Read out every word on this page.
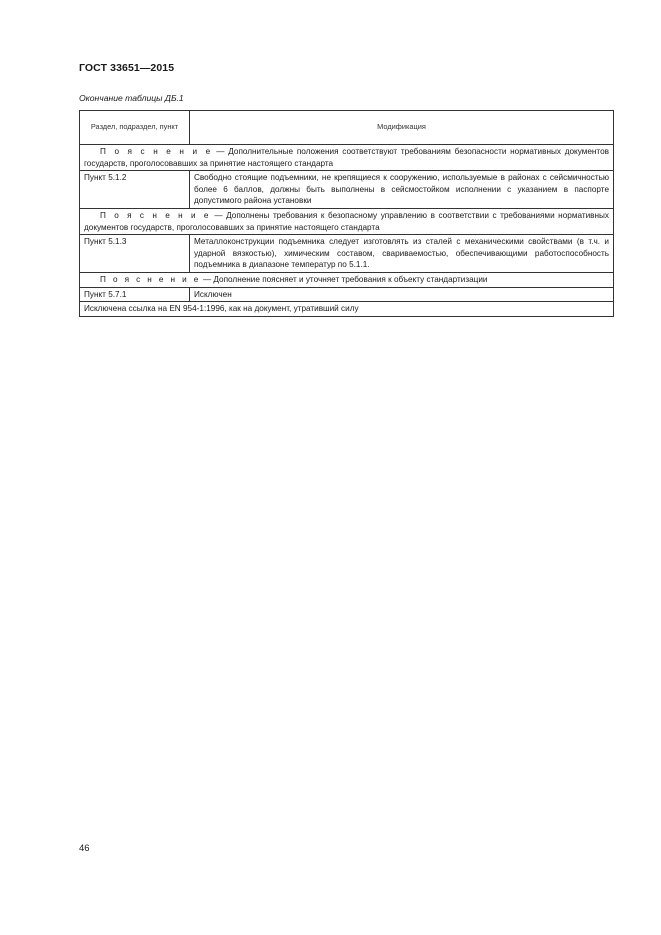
ГОСТ 33651—2015
Окончание таблицы ДБ.1
Раздел, подраздел, пункт	Модификация
П о я с н е н и е — Дополнительные положения соответствуют требованиям безопасности нормативных документов государств, проголосовавших за принятие настоящего стандарта	
Пункт 5.1.2	Свободно стоящие подъемники, не крепящиеся к сооружению, используемые в районах с сейсмичностью более 6 баллов, должны быть выполнены в сейсмостойком исполнении с указанием в паспорте допустимого района установки
П о я с н е н и е — Дополнены требования к безопасному управлению в соответствии с требованиями нормативных документов государств, проголосовавших за принятие настоящего стандарта	
Пункт 5.1.3	Металлоконструкции подъемника следует изготовлять из сталей с механическими свойствами (в т.ч. и ударной вязкостью), химическим составом, свариваемостью, обеспечивающими работоспособность подъемника в диапазоне температур по 5.1.1.
П о я с н е н и е — Дополнение поясняет и уточняет требования к объекту стандартизации	
Пункт 5.7.1	Исключен
Исключена ссылка на EN 954-1:1996, как на документ, утративший силу	
46
